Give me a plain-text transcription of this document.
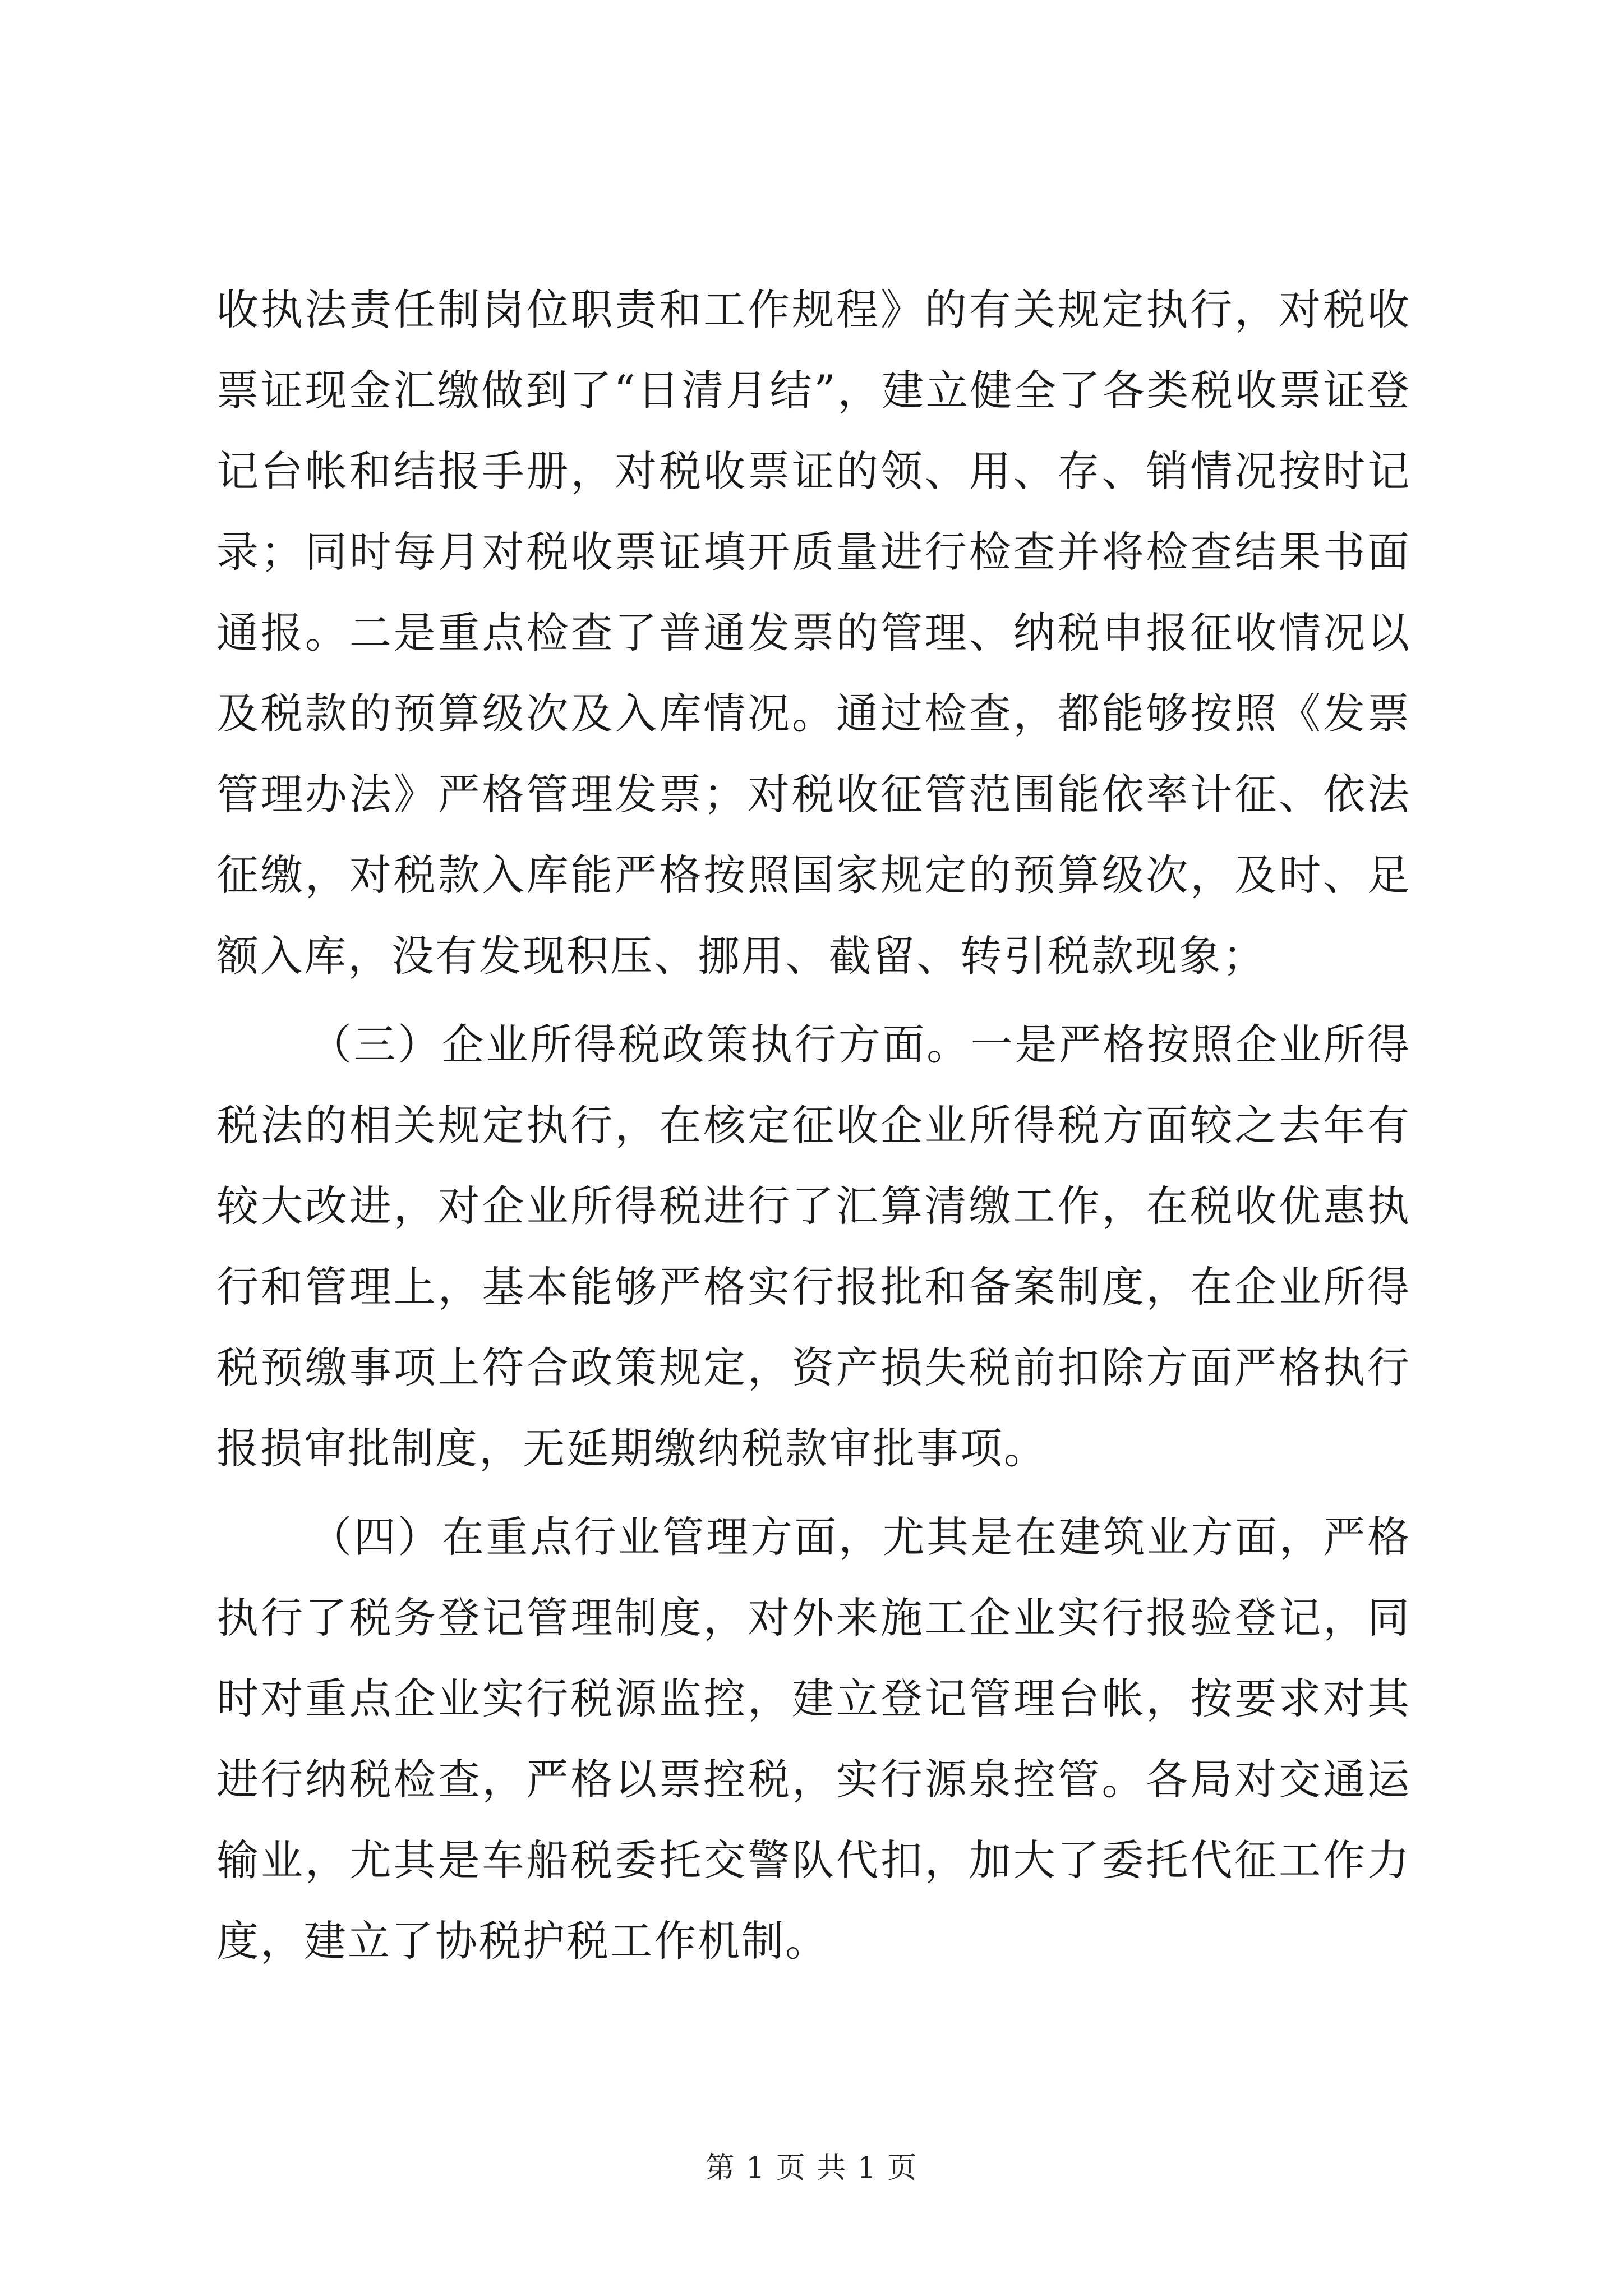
收执法责任制岗位职责和工作规程》的有关规定执行，对税收票证现金汇缴做到了“日清月结”，建立健全了各类税收票证登记台帐和结报手册，对税收票证的领、用、存、销情况按时记录；同时每月对税收票证填开质量进行检查并将检查结果书面通报。二是重点检查了普通发票的管理、纳税申报征收情况以及税款的预算级次及入库情况。通过检查，都能够按照《发票管理办法》严格管理发票；对税收征管范围能依率计征、依法征缴，对税款入库能严格按照国家规定的预算级次，及时、足额入库，没有发现积压、挪用、截留、转引税款现象；

（三）企业所得税政策执行方面。一是严格按照企业所得税法的相关规定执行，在核定征收企业所得税方面较之去年有较大改进，对企业所得税进行了汇算清缴工作，在税收优惠执行和管理上，基本能够严格实行报批和备案制度，在企业所得税预缴事项上符合政策规定，资产损失税前扣除方面严格执行报损审批制度，无延期缴纳税款审批事项。

（四）在重点行业管理方面，尤其是在建筑业方面，严格执行了税务登记管理制度，对外来施工企业实行报验登记，同时对重点企业实行税源监控，建立登记管理台帐，按要求对其进行纳税检查，严格以票控税，实行源泉控管。各局对交通运输业，尤其是车船税委托交警队代扣，加大了委托代征工作力度，建立了协税护税工作机制。

第 1 页 共 1 页
